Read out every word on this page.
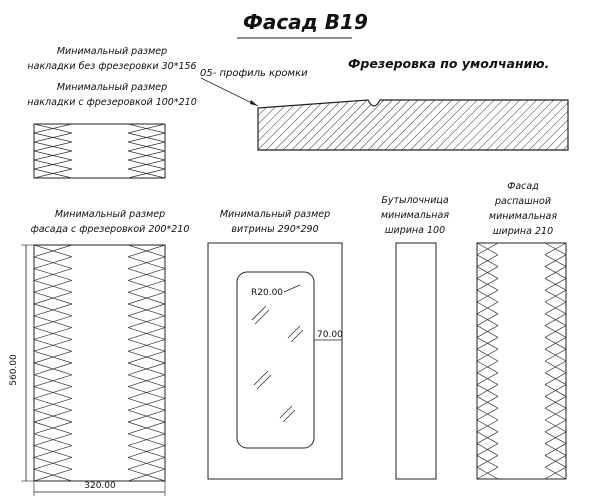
Фасад В19
Минимальный размер
накладки без фрезеровки 30*156
Минимальный размер
накладки с фрезеровкой 100*210
05- профиль кромки
Фрезеровка по умолчанию.
Минимальный размер
фасада с фрезеровкой 200*210
Минимальный размер
витрины 290*290
Бутылочница
минимальная
ширина 100
Фасад
распашной
минимальная
ширина 210
560.00
320.00
R20.00
70.00
